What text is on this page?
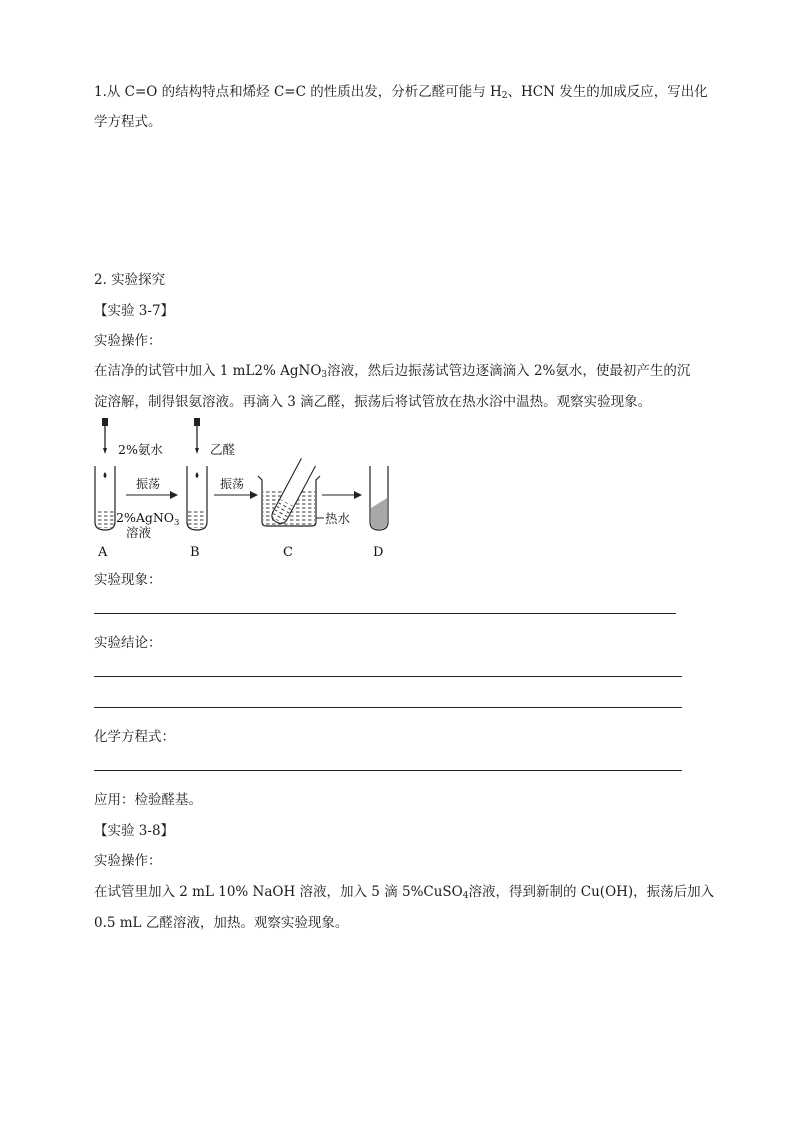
1.从 C=O 的结构特点和烯烃 C=C 的性质出发，分析乙醛可能与 $H_2$、HCN 发生的加成反应，写出化
学方程式。
2. 实验探究
【实验 3-7】
实验操作：
在洁净的试管中加入 1 mL2% AgNO$_3$溶液，然后边振荡试管边逐滴滴入 2%氨水，使最初产生的沉
淀溶解，制得银氨溶液。再滴入 3 滴乙醛，振荡后将试管放在热水浴中温热。观察实验现象。
2%氨水
2%AgNO$_3$
溶液
A
振荡
乙醛
B
振荡
热水
C	D
实验现象：
实验结论：
化学方程式：
应用：检验醛基。
【实验 3-8】
实验操作：
在试管里加入 2 mL 10% NaOH 溶液，加入 5 滴 5%CuSO$_4$溶液，得到新制的 Cu(OH)，振荡后加入
0.5 mL 乙醛溶液，加热。观察实验现象。
